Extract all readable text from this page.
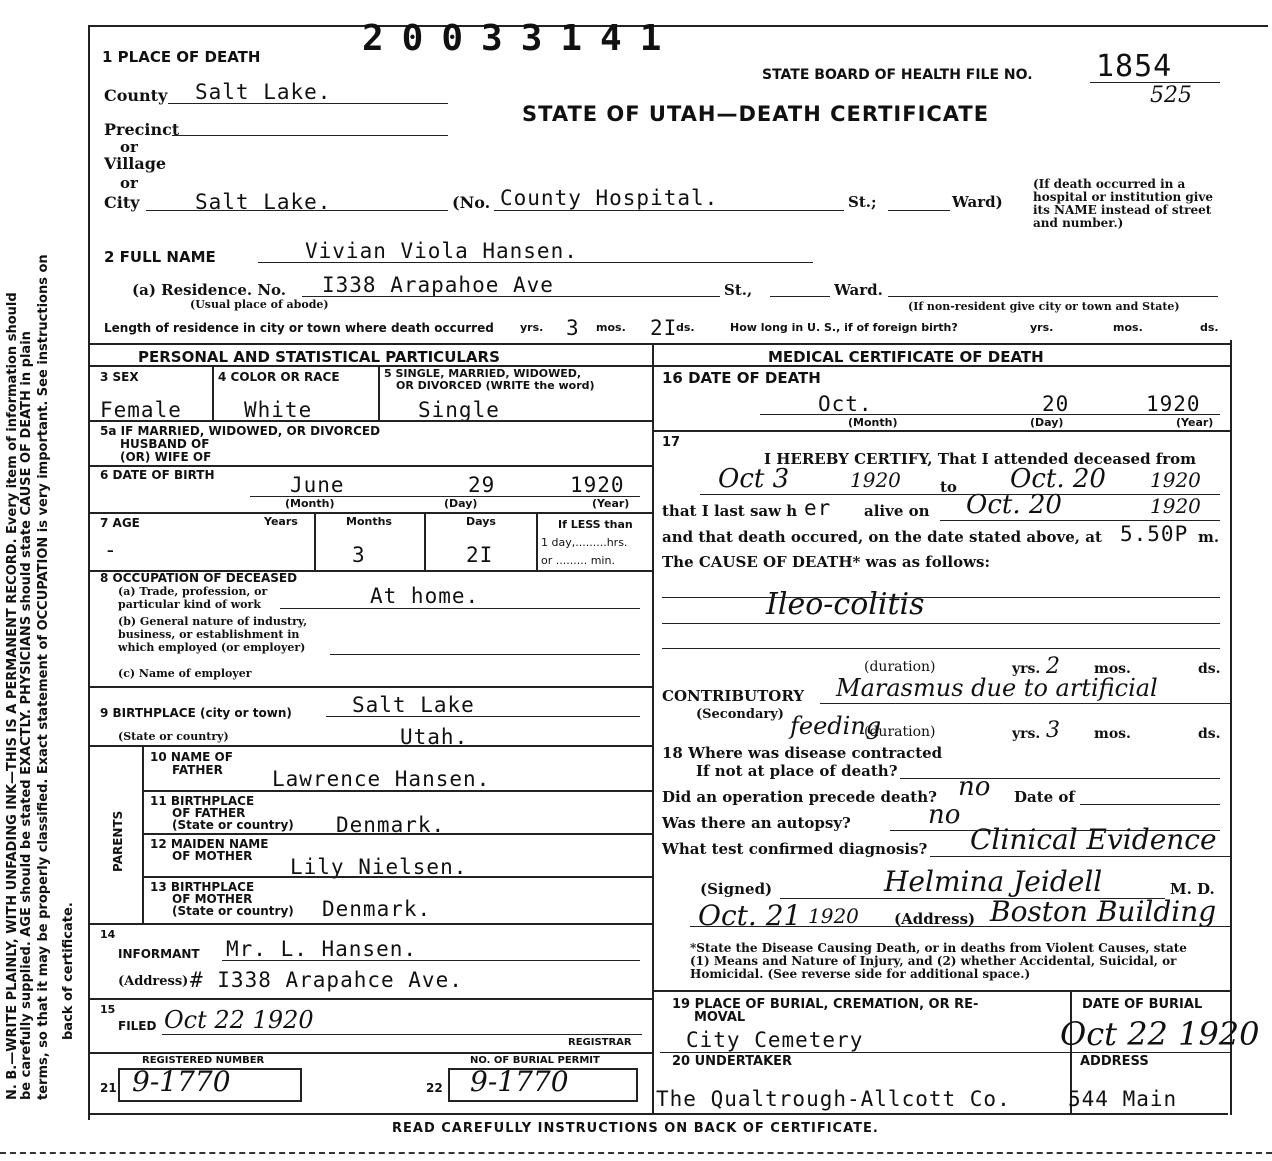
N. B.—WRITE PLAINLY, WITH UNFADING INK—THIS IS A PERMANENT RECORD. Every item of information should be carefully supplied. AGE should be stated EXACTLY. PHYSICIANS should state CAUSE OF DEATH in plain terms, so that it may be properly classified. Exact statement of OCCUPATION is very important. See instructions on back of certificate.
20033141
1 PLACE OF DEATH
STATE BOARD OF HEALTH FILE NO. 1854
525
STATE OF UTAH—DEATH CERTIFICATE
County Salt Lake.
Precinct
or
Village
or
City	Salt Lake.	(No. County Hospital.	St.;	Ward)
(If death occurred in a hospital or institution give its NAME instead of street and number.)
2 FULL NAME	Vivian Viola Hansen.
(a) Residence. No. I338 Arapahoe Ave	St.,	Ward.
(Usual place of abode)	(If non-resident give city or town and State)
Length of residence in city or town where death occurred yrs. 3 mos. 2I
ds.	How long in U. S., if of foreign birth?	yrs.	mos.	ds.
PERSONAL AND STATISTICAL PARTICULARS	MEDICAL CERTIFICATE OF DEATH
3 SEX	4 COLOR OR RACE	5 SINGLE, MARRIED, WIDOWED,
OR DIVORCED (WRITE the word)
Female	White	Single
5a IF MARRIED, WIDOWED, OR DIVORCED
HUSBAND OF
(OR) WIFE OF
6 DATE OF BIRTH	June	29	1920
(Month)	(Day)	(Year)
7 AGE	Years	Months	Days	If LESS than
1 day,.........hrs.
or ......... min.
-	3	2I
8 OCCUPATION OF DECEASED
(a) Trade, profession, or
particular kind of work	At home.
(b) General nature of industry,
business, or establishment in
which employed (or employer)
(c) Name of employer
9 BIRTHPLACE (city or town)	Salt Lake
(State or country)	Utah.
PARENTS
10 NAME OF
FATHER Lawrence Hansen.
11 BIRTHPLACE
OF FATHER
(State or country) Denmark.
12 MAIDEN NAME
OF MOTHER Lily Nielsen.
13 BIRTHPLACE
OF MOTHER
(State or country) Denmark.
14
INFORMANT Mr. L. Hansen.
(Address) # I338 Arapahce Ave.
15
FILED Oct 22 1920
REGISTRAR
REGISTERED NUMBER	NO. OF BURIAL PERMIT
21 9-1770	22 9-1770
16 DATE OF DEATH
Oct.	20	1920
(Month)	(Day)	(Year)
17
I HEREBY CERTIFY, That I attended deceased from
Oct 3	1920	to Oct. 20 1920
that I last saw h er alive on Oct. 20	1920
and that death occured, on the date stated above, at 5.50P m.
The CAUSE OF DEATH* was as follows:
Ileo-colitis
(duration)	yrs. 2 mos.	ds.
CONTRIBUTORY Marasmus due to artificial
(Secondary) feeding
(duration)	yrs. 3 mos.	ds.
18 Where was disease contracted
If not at place of death?
Did an operation precede death? no Date of
Was there an autopsy?	no
What test confirmed diagnosis? Clinical Evidence
(Signed)	Helmina Jeidell	M. D.
Oct. 21 1920 (Address) Boston Building
*State the Disease Causing Death, or in deaths from Violent Causes, state
(1) Means and Nature of Injury, and (2) whether Accidental, Suicidal, or
Homicidal. (See reverse side for additional space.)
19 PLACE OF BURIAL, CREMATION, OR RE-
MOVAL
City Cemetery
DATE OF BURIAL
Oct 22 1920
20 UNDERTAKER	ADDRESS
The Qualtrough-Allcott Co.	544 Main
READ CAREFULLY INSTRUCTIONS ON BACK OF CERTIFICATE.
